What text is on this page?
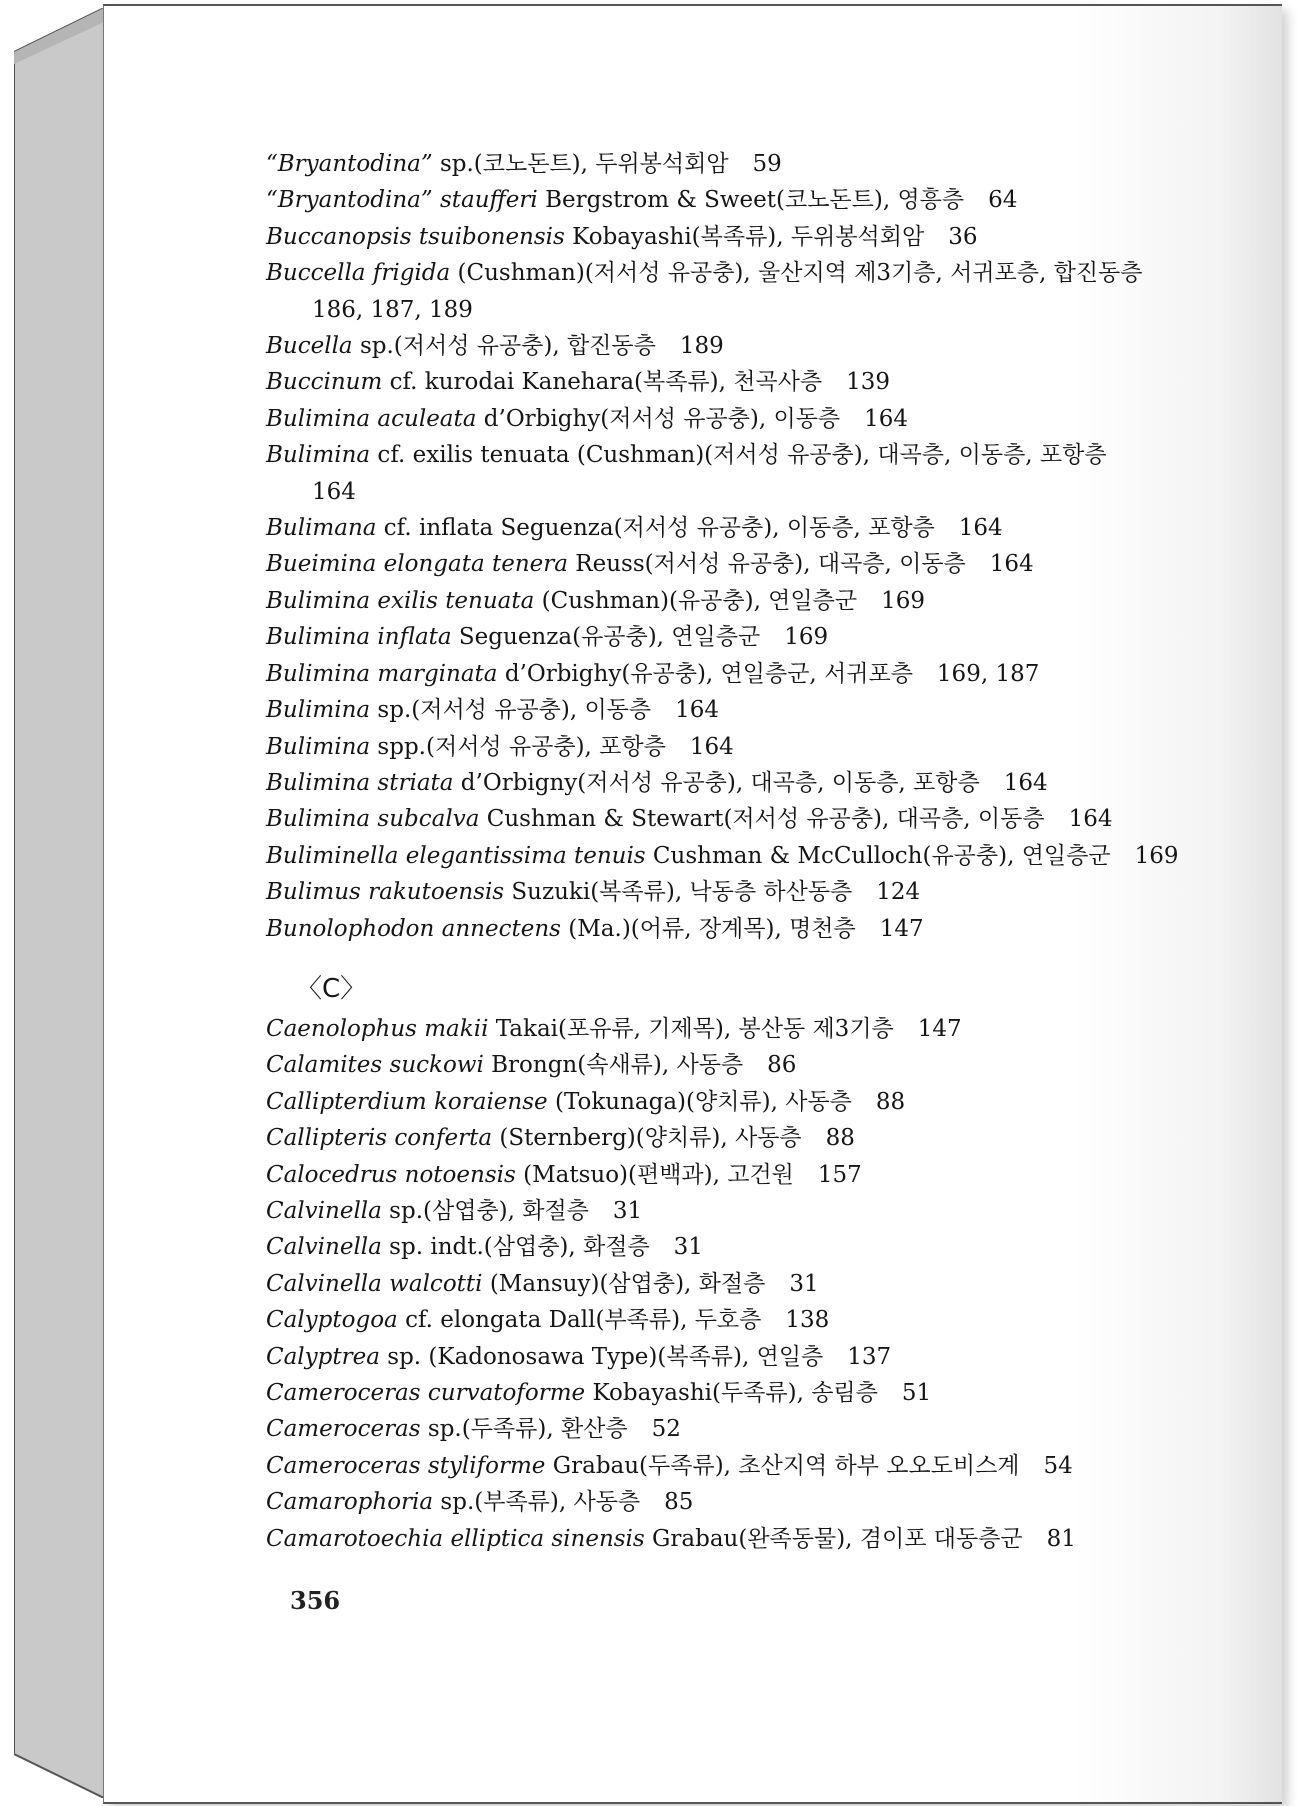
“Bryantodina” sp.(코노돈트), 두위봉석회암 59
“Bryantodina” staufferi Bergstrom & Sweet(코노돈트), 영흥층 64
Buccanopsis tsuibonensis Kobayashi(복족류), 두위봉석회암 36
Buccella frigida (Cushman)(저서성 유공충), 울산지역 제3기층, 서귀포층, 합진동층186, 187, 189
Bucella sp.(저서성 유공충), 합진동층 189
Buccinum cf. kurodai Kanehara(복족류), 천곡사층 139
Bulimina aculeata d’Orbighy(저서성 유공충), 이동층 164
Bulimina cf. exilis tenuata (Cushman)(저서성 유공충), 대곡층, 이동층, 포항층164
Bulimana cf. inflata Seguenza(저서성 유공충), 이동층, 포항층 164
Bueimina elongata tenera Reuss(저서성 유공충), 대곡층, 이동층 164
Bulimina exilis tenuata (Cushman)(유공충), 연일층군 169
Bulimina inflata Seguenza(유공충), 연일층군 169
Bulimina marginata d’Orbighy(유공충), 연일층군, 서귀포층 169, 187
Bulimina sp.(저서성 유공충), 이동층 164
Bulimina spp.(저서성 유공충), 포항층 164
Bulimina striata d’Orbigny(저서성 유공충), 대곡층, 이동층, 포항층 164
Bulimina subcalva Cushman & Stewart(저서성 유공충), 대곡층, 이동층 164
Buliminella elegantissima tenuis Cushman & McCulloch(유공충), 연일층군 169
Bulimus rakutoensis Suzuki(복족류), 낙동층 하산동층 124
Bunolophodon annectens (Ma.)(어류, 장계목), 명천층 147
〈C〉
Caenolophus makii Takai(포유류, 기제목), 봉산동 제3기층 147
Calamites suckowi Brongn(속새류), 사동층 86
Callipterdium koraiense (Tokunaga)(양치류), 사동층 88
Callipteris conferta (Sternberg)(양치류), 사동층 88
Calocedrus notoensis (Matsuo)(편백과), 고건원 157
Calvinella sp.(삼엽충), 화절층 31
Calvinella sp. indt.(삼엽충), 화절층 31
Calvinella walcotti (Mansuy)(삼엽충), 화절층 31
Calyptogoa cf. elongata Dall(부족류), 두호층 138
Calyptrea sp. (Kadonosawa Type)(복족류), 연일층 137
Cameroceras curvatoforme Kobayashi(두족류), 송림층 51
Cameroceras sp.(두족류), 환산층 52
Cameroceras styliforme Grabau(두족류), 초산지역 하부 오오도비스계 54
Camarophoria sp.(부족류), 사동층 85
Camarotoechia elliptica sinensis Grabau(완족동물), 겸이포 대동층군 81
356
